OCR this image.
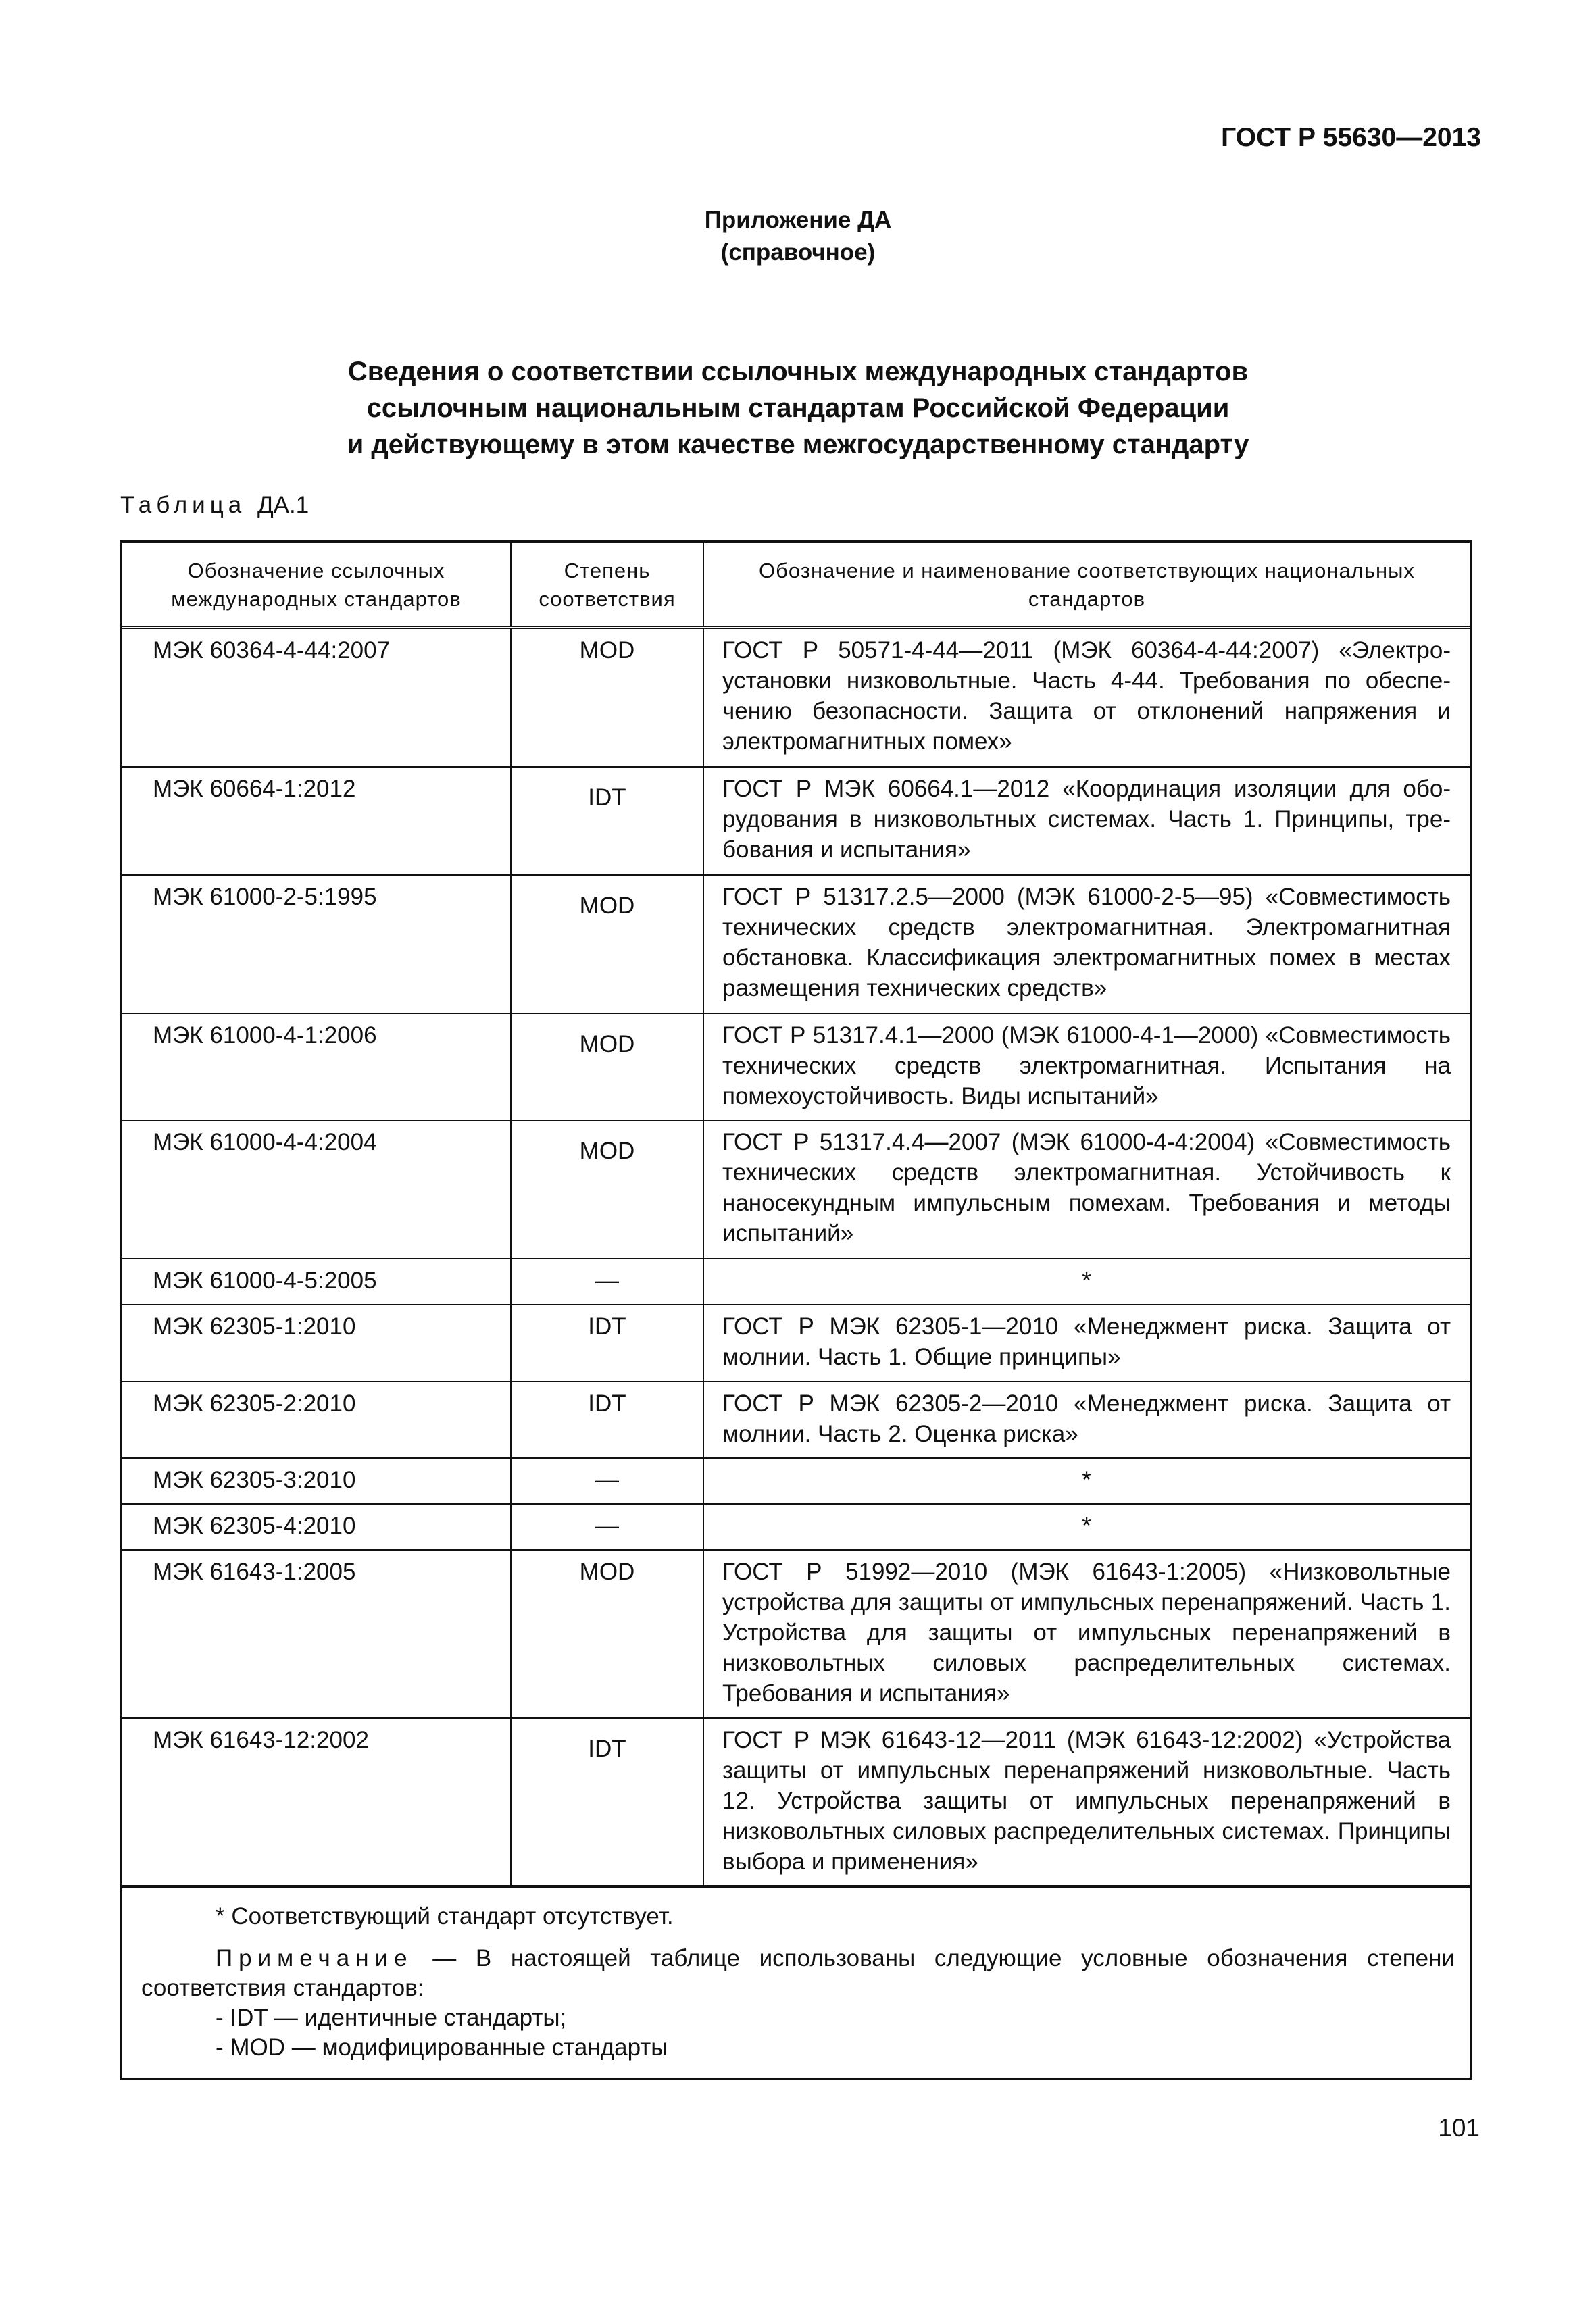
ГОСТ Р 55630—2013
Приложение ДА
(справочное)
Сведения о соответствии ссылочных международных стандартов
ссылочным национальным стандартам Российской Федерации
и действующему в этом качестве межгосударственному стандарту
Таблица ДА.1
Обозначение ссылочных международных стандартов	Степень соответствия	Обозначение и наименование соответствующих национальных стандартов
МЭК 60364-4-44:2007	MOD	ГОСТ Р 50571-4-44—2011 (МЭК 60364-4-44:2007) «Электроустановки низковольтные. Часть 4-44. Требования по обеспечению безопасности. Защита от отклонений напряжения и электромагнитных помех»
МЭК 60664-1:2012	IDT	ГОСТ Р МЭК 60664.1—2012 «Координация изоляции для оборудования в низковольтных системах. Часть 1. Принципы, требования и испытания»
МЭК 61000-2-5:1995	MOD	ГОСТ Р 51317.2.5—2000 (МЭК 61000-2-5—95) «Совместимость технических средств электромагнитная. Электромагнитная обстановка. Классификация электромагнитных помех в местах размещения технических средств»
МЭК 61000-4-1:2006	MOD	ГОСТ Р 51317.4.1—2000 (МЭК 61000-4-1—2000) «Совместимость технических средств электромагнитная. Испытания на помехоустойчивость. Виды испытаний»
МЭК 61000-4-4:2004	MOD	ГОСТ Р 51317.4.4—2007 (МЭК 61000-4-4:2004) «Совместимость технических средств электромагнитная. Устойчивость к наносекундным импульсным помехам. Требования и методы испытаний»
МЭК 61000-4-5:2005	—	*
МЭК 62305-1:2010	IDT	ГОСТ Р МЭК 62305-1—2010 «Менеджмент риска. Защита от молнии. Часть 1. Общие принципы»
МЭК 62305-2:2010	IDT	ГОСТ Р МЭК 62305-2—2010 «Менеджмент риска. Защита от молнии. Часть 2. Оценка риска»
МЭК 62305-3:2010	—	*
МЭК 62305-4:2010	—	*
МЭК 61643-1:2005	MOD	ГОСТ Р 51992—2010 (МЭК 61643-1:2005) «Низковольтные устройства для защиты от импульсных перенапряжений. Часть 1. Устройства для защиты от импульсных перенапряжений в низковольтных силовых распределительных системах. Требования и испытания»
МЭК 61643-12:2002	IDT	ГОСТ Р МЭК 61643-12—2011 (МЭК 61643-12:2002) «Устройства защиты от импульсных перенапряжений низковольтные. Часть 12. Устройства защиты от импульсных перенапряжений в низковольтных силовых распределительных системах. Принципы выбора и применения»
* Соответствующий стандарт отсутствует.
Примечание — В настоящей таблице использованы следующие условные обозначения степени соответствия стандартов:
- IDT — идентичные стандарты;
- MOD — модифицированные стандарты
101
